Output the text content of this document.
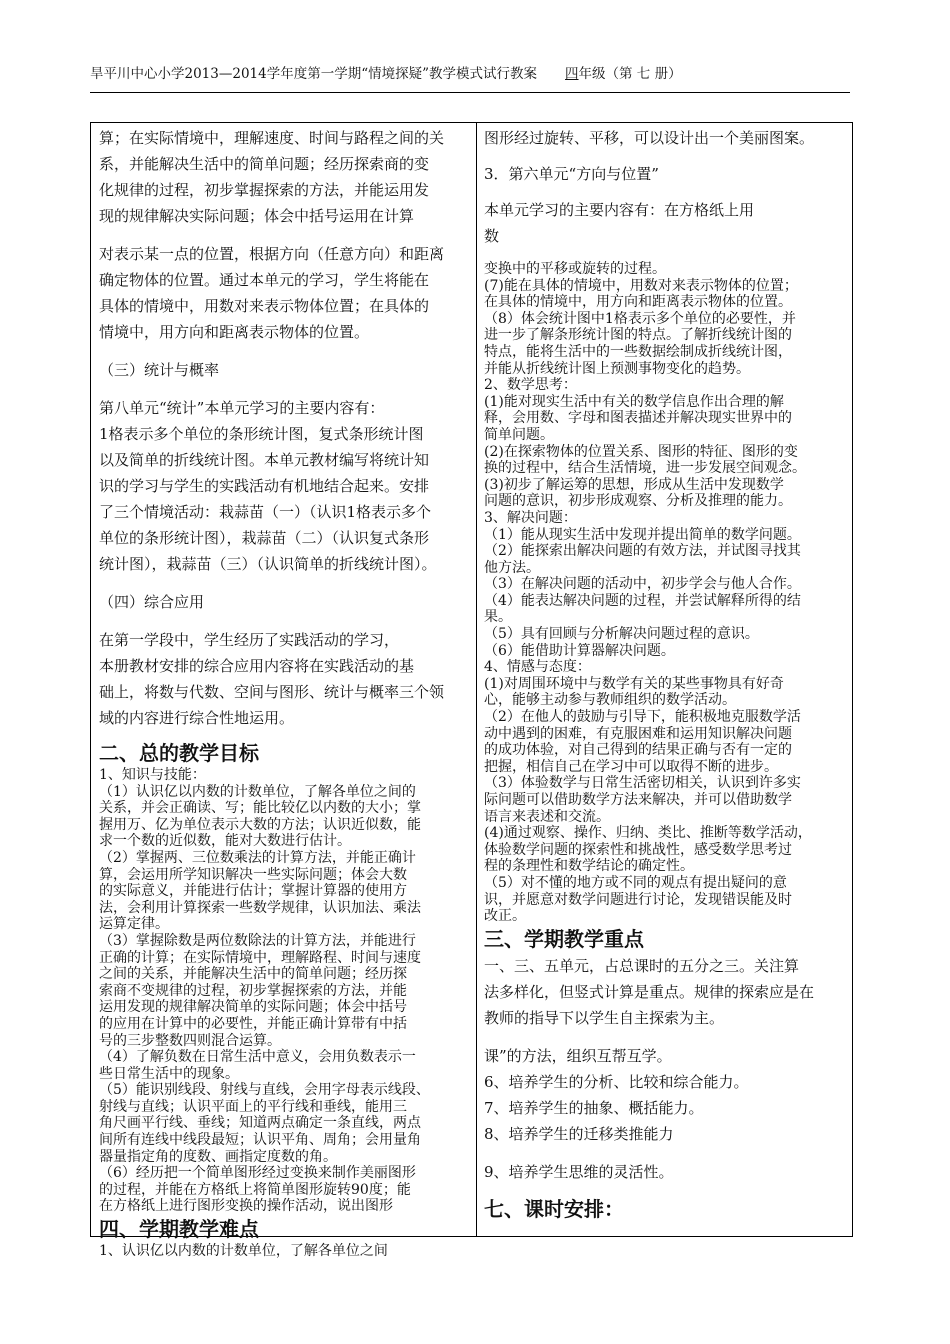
旱平川中心小学2013—2014学年度第一学期“情境探疑”教学模式试行教案 四年级（第 七 册）
算；在实际情境中，理解速度、时间与路程之间的关
系，并能解决生活中的简单问题；经历探索商的变
化规律的过程，初步掌握探索的方法，并能运用发
现的规律解决实际问题；体会中括号运用在计算
对表示某一点的位置，根据方向（任意方向）和距离
确定物体的位置。通过本单元的学习，学生将能在
具体的情境中，用数对来表示物体位置；在具体的
情境中，用方向和距离表示物体的位置。
（三）统计与概率
第八单元“统计”本单元学习的主要内容有：
1格表示多个单位的条形统计图，复式条形统计图
以及简单的折线统计图。本单元教材编写将统计知
识的学习与学生的实践活动有机地结合起来。安排
了三个情境活动：栽蒜苗（一）（认识1格表示多个
单位的条形统计图），栽蒜苗（二）（认识复式条形
统计图），栽蒜苗（三）（认识简单的折线统计图）。
（四）综合应用
在第一学段中，学生经历了实践活动的学习，
本册教材安排的综合应用内容将在实践活动的基
础上，将数与代数、空间与图形、统计与概率三个领
域的内容进行综合性地运用。
二、总的教学目标
1、知识与技能：
（1）认识亿以内数的计数单位，了解各单位之间的
关系，并会正确读、写；能比较亿以内数的大小；掌
握用万、亿为单位表示大数的方法；认识近似数，能
求一个数的近似数，能对大数进行估计。
（2）掌握两、三位数乘法的计算方法，并能正确计
算，会运用所学知识解决一些实际问题；体会大数
的实际意义，并能进行估计；掌握计算器的使用方
法，会利用计算探索一些数学规律，认识加法、乘法
运算定律。
（3）掌握除数是两位数除法的计算方法，并能进行
正确的计算；在实际情境中，理解路程、时间与速度
之间的关系，并能解决生活中的简单问题；经历探
索商不变规律的过程，初步掌握探索的方法，并能
运用发现的规律解决简单的实际问题；体会中括号
的应用在计算中的必要性，并能正确计算带有中括
号的三步整数四则混合运算。
（4）了解负数在日常生活中意义，会用负数表示一
些日常生活中的现象。
（5）能识别线段、射线与直线，会用字母表示线段、
射线与直线；认识平面上的平行线和垂线，能用三
角尺画平行线、垂线；知道两点确定一条直线，两点
间所有连线中线段最短；认识平角、周角；会用量角
器量指定角的度数、画指定度数的角。
（6）经历把一个简单图形经过变换来制作美丽图形
的过程，并能在方格纸上将简单图形旋转90度；能
在方格纸上进行图形变换的操作活动，说出图形
四、学期教学难点
1、认识亿以内数的计数单位，了解各单位之间
图形经过旋转、平移，可以设计出一个美丽图案。
3．第六单元“方向与位置”
本单元学习的主要内容有：在方格纸上用
数
变换中的平移或旋转的过程。
(7)能在具体的情境中，用数对来表示物体的位置；
在具体的情境中，用方向和距离表示物体的位置。
（8）体会统计图中1格表示多个单位的必要性，并
进一步了解条形统计图的特点。了解折线统计图的
特点，能将生活中的一些数据绘制成折线统计图，
并能从折线统计图上预测事物变化的趋势。
2、数学思考：
(1)能对现实生活中有关的数学信息作出合理的解
释，会用数、字母和图表描述并解决现实世界中的
简单问题。
(2)在探索物体的位置关系、图形的特征、图形的变
换的过程中，结合生活情境，进一步发展空间观念。
(3)初步了解运筹的思想，形成从生活中发现数学
问题的意识，初步形成观察、分析及推理的能力。
3、解决问题：
（1）能从现实生活中发现并提出简单的数学问题。
（2）能探索出解决问题的有效方法，并试图寻找其
他方法。
（3）在解决问题的活动中，初步学会与他人合作。
（4）能表达解决问题的过程，并尝试解释所得的结
果。
（5）具有回顾与分析解决问题过程的意识。
（6）能借助计算器解决问题。
4、情感与态度：
(1)对周围环境中与数学有关的某些事物具有好奇
心，能够主动参与教师组织的数学活动。
（2）在他人的鼓励与引导下，能积极地克服数学活
动中遇到的困难，有克服困难和运用知识解决问题
的成功体验，对自己得到的结果正确与否有一定的
把握，相信自己在学习中可以取得不断的进步。
（3）体验数学与日常生活密切相关，认识到许多实
际问题可以借助数学方法来解决，并可以借助数学
语言来表述和交流。
(4)通过观察、操作、归纳、类比、推断等数学活动，
体验数学问题的探索性和挑战性，感受数学思考过
程的条理性和数学结论的确定性。
（5）对不懂的地方或不同的观点有提出疑问的意
识，并愿意对数学问题进行讨论，发现错误能及时
改正。
三、学期教学重点
一、三、五单元，占总课时的五分之三。关注算
法多样化，但竖式计算是重点。规律的探索应是在
教师的指导下以学生自主探索为主。
课”的方法，组织互帮互学。
6、培养学生的分析、比较和综合能力。
7、培养学生的抽象、概括能力。
8、培养学生的迁移类推能力
9、培养学生思维的灵活性。
七、课时安排：
